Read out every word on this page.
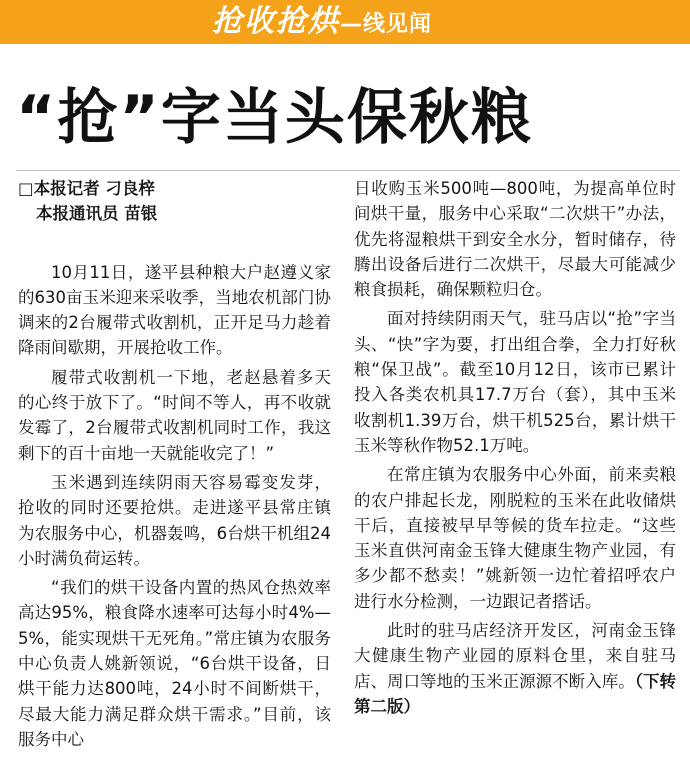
抢收抢烘—线见闻
“抢”字当头保秋粮
□本报记者 刁良梓
本报通讯员 苗银

10月11日，遂平县种粮大户赵遵义家的630亩玉米迎来采收季，当地农机部门协调来的2台履带式收割机，正开足马力趁着降雨间歇期，开展抢收工作。

履带式收割机一下地，老赵悬着多天的心终于放下了。“时间不等人，再不收就发霉了，2台履带式收割机同时工作，我这剩下的百十亩地一天就能收完了！”

玉米遇到连续阴雨天容易霉变发芽，抢收的同时还要抢烘。走进遂平县常庄镇为农服务中心，机器轰鸣，6台烘干机组24小时满负荷运转。

“我们的烘干设备内置的热风仓热效率高达95%，粮食降水速率可达每小时4%—5%，能实现烘干无死角。”常庄镇为农服务中心负责人姚新领说，“6台烘干设备，日烘干能力达800吨，24小时不间断烘干，尽最大能力满足群众烘干需求。”目前，该服务中心

日收购玉米500吨—800吨，为提高单位时间烘干量，服务中心采取“二次烘干”办法，优先将湿粮烘干到安全水分，暂时储存，待腾出设备后进行二次烘干，尽最大可能减少粮食损耗，确保颗粒归仓。

面对持续阴雨天气，驻马店以“抢”字当头、“快”字为要，打出组合拳，全力打好秋粮“保卫战”。截至10月12日，该市已累计投入各类农机具17.7万台（套），其中玉米收割机1.39万台，烘干机525台，累计烘干玉米等秋作物52.1万吨。

在常庄镇为农服务中心外面，前来卖粮的农户排起长龙，刚脱粒的玉米在此收储烘干后，直接被早早等候的货车拉走。“这些玉米直供河南金玉锋大健康生物产业园，有多少都不愁卖！”姚新领一边忙着招呼农户进行水分检测，一边跟记者搭话。

此时的驻马店经济开发区，河南金玉锋大健康生物产业园的原料仓里，来自驻马店、周口等地的玉米正源源不断入库。（下转第二版）
